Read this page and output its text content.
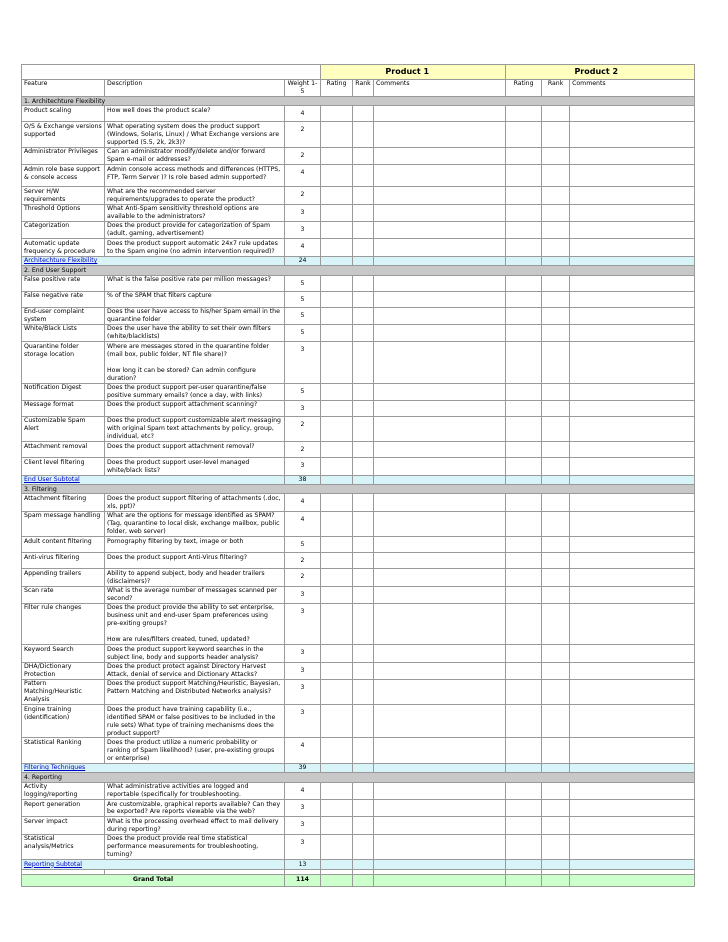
			Product 1			Product 2		
Feature	Description	Weight 1-5	Rating	Rank	Comments	Rating	Rank	Comments
1. Architechture Flexibility								
Product scaling	How well does the product scale?	4						
O/S & Exchange versions supported	What operating system does the product support (Windows, Solaris, Linux) / What Exchange versions are supported (5.5, 2k, 2k3)?	2						
Administrator Privileges	Can an administrator modify/delete and/or forward Spam e-mail or addresses?	2						
Admin role base support & console access	Admin console access methods and differences (HTTPS, FTP, Term Server )? Is role based admin supported?	4						
Server H/W requirements	What are the recommended server requirements/upgrades to operate the product?	2						
Threshold Options	What Anti-Spam sensitivity threshold options are available to the administrators?	3						
Categorization	Does the product provide for categorization of Spam (adult, gaming, advertisement)	3						
Automatic update frequency & procedure	Does the product support automatic 24x7 rule updates to the Spam engine (no admin intervention required)?	4						
Architechture Flexibility		24						
2. End User Support								
False positive rate	What is the false positive rate per million messages?	5						
False negative rate	% of the SPAM that filters capture	5						
End-user complaint system	Does the user have access to his/her Spam email in the quarantine folder	5						
White/Black Lists	Does the user have the ability to set their own filters (white/blacklists)	5						
Quarantine folder storage location	Where are messages stored in the quarantine folder (mail box, public folder, NT file share)?
How long it can be stored? Can admin configure duration?	3						
Notification Digest	Does the product support per-user quarantine/false positive summary emails? (once a day, with links)	5						
Message format	Does the product support attachment scanning?	3						
Customizable Spam Alert	Does the product support customizable alert messaging with original Spam text attachments by policy, group, individual, etc?	2						
Attachment removal	Does the product support attachment removal?	2						
Client level filtering	Does the product support user-level managed white/black lists?	3						
End User Subtotal		38						
3. Filtering								
Attachment filtering	Does the product support filtering of attachments (.doc, xls, ppt)?	4						
Spam message handling	What are the options for message identified as SPAM? (Tag, quarantine to local disk, exchange mailbox, public folder, web server)	4						
Adult content filtering	Pornography filtering by text, image or both	5						
Anti-virus filtering	Does the product support Anti-Virus filtering?	2						
Appending trailers	Ability to append subject, body and header trailers (disclaimers)?	2						
Scan rate	What is the average number of messages scanned per second?	3						
Filter rule changes	Does the product provide the ability to set enterprise, business unit and end-user Spam preferences using pre-exiting groups?
How are rules/filters created, tuned, updated?	3						
Keyword Search	Does the product support keyword searches in the subject line, body and supports header analysis?	3						
DHA/Dictionary Protection	Does the product protect against Directory Harvest Attack, denial of service and Dictionary Attacks?	3						
Pattern Matching/Heuristic Analysis	Does the product support Matching/Heuristic, Bayesian, Pattern Matching and Distributed Networks analysis?	3						
Engine training (identification)	Does the product have training capability (i.e., identified SPAM or false positives to be included in the rule sets) What type of training mechanisms does the product support?	3						
Statistical Ranking	Does the product utilize a numeric probability or ranking of Spam likelihood? (user, pre-existing groups or enterprise)	4						
Filtering Techniques		39						
4. Reporting								
Activity logging/reporting	What administrative activities are logged and reportable (specifically for troubleshooting.	4						
Report generation	Are customizable, graphical reports available? Can they be exported? Are reports viewable via the web?	3						
Server impact	What is the processing overhead effect to mail delivery during reporting?	3						
Statistical analysis/Metrics	Does the product provide real time statistical performance measurements for troubleshooting, turning?	3						
Reporting Subtotal		13						

Grand Total		114						
